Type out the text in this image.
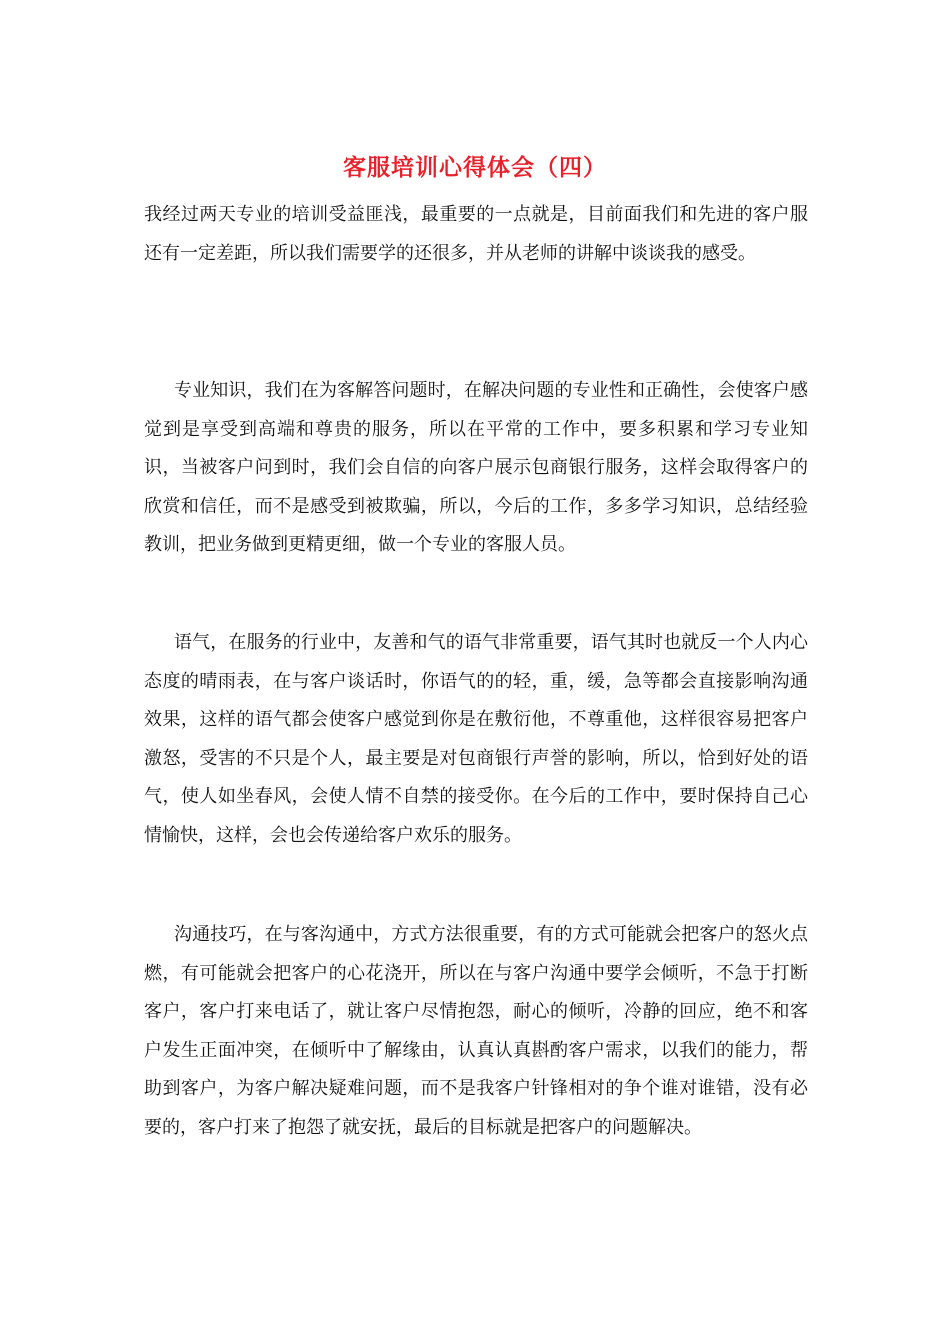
客服培训心得体会（四）

我经过两天专业的培训受益匪浅，最重要的一点就是，目前面我们和先进的客户服还有一定差距，所以我们需要学的还很多，并从老师的讲解中谈谈我的感受。

专业知识，我们在为客解答问题时，在解决问题的专业性和正确性，会使客户感觉到是享受到高端和尊贵的服务，所以在平常的工作中，要多积累和学习专业知识，当被客户问到时，我们会自信的向客户展示包商银行服务，这样会取得客户的欣赏和信任，而不是感受到被欺骗，所以，今后的工作，多多学习知识，总结经验教训，把业务做到更精更细，做一个专业的客服人员。

语气，在服务的行业中，友善和气的语气非常重要，语气其时也就反一个人内心态度的晴雨表，在与客户谈话时，你语气的的轻，重，缓，急等都会直接影响沟通效果，这样的语气都会使客户感觉到你是在敷衍他，不尊重他，这样很容易把客户激怒，受害的不只是个人，最主要是对包商银行声誉的影响，所以，恰到好处的语气，使人如坐春风，会使人情不自禁的接受你。在今后的工作中，要时保持自己心情愉快，这样，会也会传递给客户欢乐的服务。

沟通技巧，在与客沟通中，方式方法很重要，有的方式可能就会把客户的怒火点燃，有可能就会把客户的心花浇开，所以在与客户沟通中要学会倾听，不急于打断客户，客户打来电话了，就让客户尽情抱怨，耐心的倾听，冷静的回应，绝不和客户发生正面冲突，在倾听中了解缘由，认真认真斟酌客户需求，以我们的能力，帮助到客户，为客户解决疑难问题，而不是我客户针锋相对的争个谁对谁错，没有必要的，客户打来了抱怨了就安抚，最后的目标就是把客户的问题解决。
